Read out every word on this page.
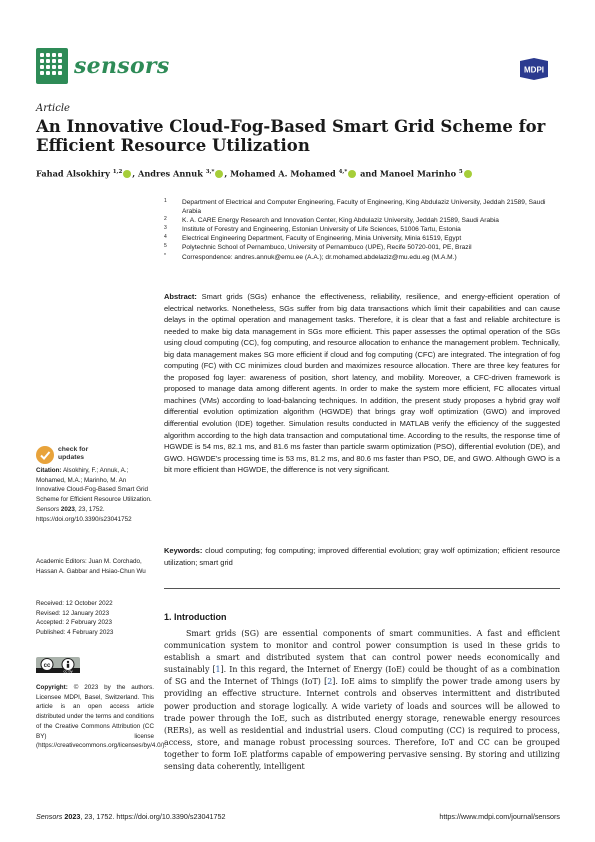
sensors	MDPI
Article
An Innovative Cloud-Fog-Based Smart Grid Scheme for Efficient Resource Utilization
Fahad Alsokhiry $^{1,2}$ , Andres Annuk $^{3,*}$ , Mohamed A. Mohamed $^{4,*}$ and Manoel Marinho $^5$
1 Department of Electrical and Computer Engineering, Faculty of Engineering, King Abdulaziz University, Jeddah 21589, Saudi Arabia
2 K. A. CARE Energy Research and Innovation Center, King Abdulaziz University, Jeddah 21589, Saudi Arabia
3 Institute of Forestry and Engineering, Estonian University of Life Sciences, 51006 Tartu, Estonia
4 Electrical Engineering Department, Faculty of Engineering, Minia University, Minia 61519, Egypt
5 Polytechnic School of Pernambuco, University of Pernambuco (UPE), Recife 50720-001, PE, Brazil
* Correspondence: andres.annuk@emu.ee (A.A.); dr.mohamed.abdelaziz@mu.edu.eg (M.A.M.)
Abstract: Smart grids (SGs) enhance the effectiveness, reliability, resilience, and energy-efficient operation of electrical networks. Nonetheless, SGs suffer from big data transactions which limit their capabilities and can cause delays in the optimal operation and management tasks. Therefore, it is clear that a fast and reliable architecture is needed to make big data management in SGs more efficient. This paper assesses the optimal operation of the SGs using cloud computing (CC), fog computing, and resource allocation to enhance the management problem. Technically, big data management makes SG more efficient if cloud and fog computing (CFC) are integrated. The integration of fog computing (FC) with CC minimizes cloud burden and maximizes resource allocation. There are three key features for the proposed fog layer: awareness of position, short latency, and mobility. Moreover, a CFC-driven framework is proposed to manage data among different agents. In order to make the system more efficient, FC allocates virtual machines (VMs) according to load-balancing techniques. In addition, the present study proposes a hybrid gray wolf differential evolution optimization algorithm (HGWDE) that brings gray wolf optimization (GWO) and improved differential evolution (IDE) together. Simulation results conducted in MATLAB verify the efficiency of the suggested algorithm according to the high data transaction and computational time. According to the results, the response time of HGWDE is 54 ms, 82.1 ms, and 81.6 ms faster than particle swarm optimization (PSO), differential evolution (DE), and GWO. HGWDE's processing time is 53 ms, 81.2 ms, and 80.6 ms faster than PSO, DE, and GWO. Although GWO is a bit more efficient than HGWDE, the difference is not very significant.
Keywords: cloud computing; fog computing; improved differential evolution; gray wolf optimization; efficient resource utilization; smart grid
check for updates
Citation: Alsokhiry, F.; Annuk, A.; Mohamed, M.A.; Marinho, M. An Innovative Cloud-Fog-Based Smart Grid Scheme for Efficient Resource Utilization. Sensors 2023, 23, 1752. https://doi.org/10.3390/s23041752
Academic Editors: Juan M. Corchado, Hassan A. Gabbar and Hsiao-Chun Wu
Received: 12 October 2022
Revised: 12 January 2023
Accepted: 2 February 2023
Published: 4 February 2023
cc
cc by
Copyright: © 2023 by the authors. Licensee MDPI, Basel, Switzerland. This article is an open access article distributed under the terms and conditions of the Creative Commons Attribution (CC BY) license (https://creativecommons.org/licenses/by/4.0/).
1. Introduction
Smart grids (SG) are essential components of smart communities. A fast and efficient communication system to monitor and control power consumption is used in these grids to establish a smart and distributed system that can control power needs economically and sustainably [1]. In this regard, the Internet of Energy (IoE) could be thought of as a combination of SG and the Internet of Things (IoT) [2]. IoE aims to simplify the power trade among users by providing an effective structure. Internet controls and observes intermittent and distributed power production and storage logically. A wide variety of loads and sources will be allowed to trade power through the IoE, such as distributed energy storage, renewable energy resources (RERs), as well as residential and industrial users. Cloud computing (CC) is required to process, access, store, and manage robust processing sources. Therefore, IoT and CC can be grouped together to form IoE platforms capable of empowering pervasive sensing. By storing and utilizing sensing data coherently, intelligent
Sensors 2023, 23, 1752. https://doi.org/10.3390/s23041752	https://www.mdpi.com/journal/sensors
